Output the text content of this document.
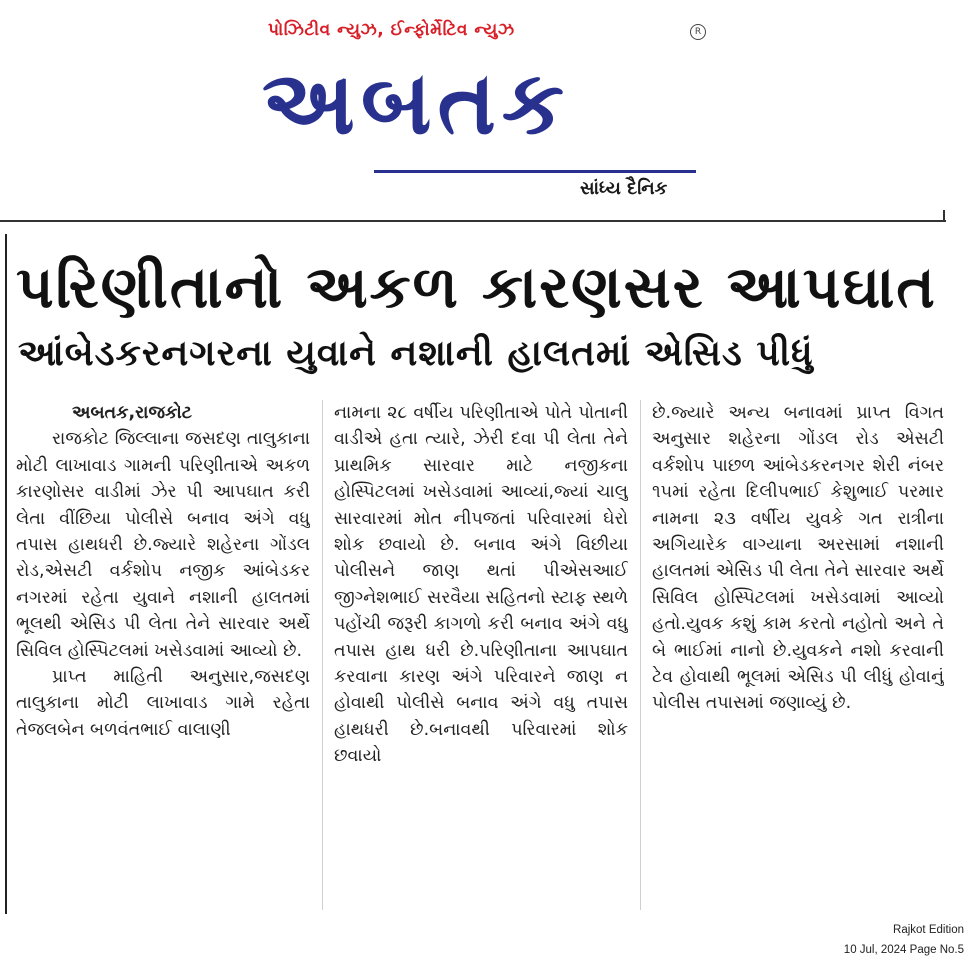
પોઝિટીવ ન્યુઝ, ઈન્ફોર્મેટિવ ન્યુઝ	R
અબતક
સાંધ્ય દૈનિક
પરિણીતાનો અકળ કારણસર આપઘાત
આંબેડકરનગરના યુવાને નશાની હાલતમાં એસિડ પીધું
અબતક,રાજકોટ

રાજકોટ જિલ્લાના જસદણ તાલુકાના મોટી લાખાવાડ ગામની પરિણીતાએ અકળ કારણોસર વાડીમાં ઝેર પી આપઘાત કરી લેતા વીંછિયા પોલીસે બનાવ અંગે વધુ તપાસ હાથધરી છે.જ્યારે શહેરના ગોંડલ રોડ,એસટી વર્કશોપ નજીક આંબેડકર નગરમાં રહેતા યુવાને નશાની હાલતમાં ભૂલથી એસિડ પી લેતા તેને સારવાર અર્થે સિવિલ હોસ્પિટલમાં ખસેડવામાં આવ્યો છે.

પ્રાપ્ત માહિતી અનુસાર,જસદણ તાલુકાના મોટી લાખાવાડ ગામે રહેતા તેજલબેન બળવંતભાઈ વાલાણી

નામના ૨૮ વર્ષીય પરિણીતાએ પોતે પોતાની વાડીએ હતા ત્યારે, ઝેરી દવા પી લેતા તેને પ્રાથમિક સારવાર માટે નજીકના હોસ્પિટલમાં ખસેડવામાં આવ્યાં,જ્યાં ચાલુ સારવારમાં મોત નીપજતાં પરિવારમાં ઘેરો શોક છવાયો છે. બનાવ અંગે વિછીયા પોલીસને જાણ થતાં પીએસઆઈ જીગ્નેશભાઈ સરવૈયા સહિતનો સ્ટાફ સ્થળે પહોંચી જરૂરી કાગળો કરી બનાવ અંગે વધુ તપાસ હાથ ધરી છે.પરિણીતાના આપઘાત કરવાના કારણ અંગે પરિવારને જાણ ન હોવાથી પોલીસે બનાવ અંગે વધુ તપાસ હાથધરી છે.બનાવથી પરિવારમાં શોક છવાયો

છે.જ્યારે અન્ય બનાવમાં પ્રાપ્ત વિગત અનુસાર શહેરના ગોંડલ રોડ એસટી વર્કશોપ પાછળ આંબેડકરનગર શેરી નંબર ૧૫માં રહેતા દિલીપભાઈ કેશુભાઈ પરમાર નામના ૨૩ વર્ષીય યુવકે ગત રાત્રીના અગિયારેક વાગ્યાના અરસામાં નશાની હાલતમાં એસિડ પી લેતા તેને સારવાર અર્થે સિવિલ હોસ્પિટલમાં ખસેડવામાં આવ્યો હતો.યુવક કશું કામ કરતો નહોતો અને તે બે ભાઈમાં નાનો છે.યુવકને નશો કરવાની ટેવ હોવાથી ભૂલમાં એસિડ પી લીધું હોવાનું પોલીસ તપાસમાં જણાવ્યું છે.

Rajkot Edition
10 Jul, 2024 Page No.5
